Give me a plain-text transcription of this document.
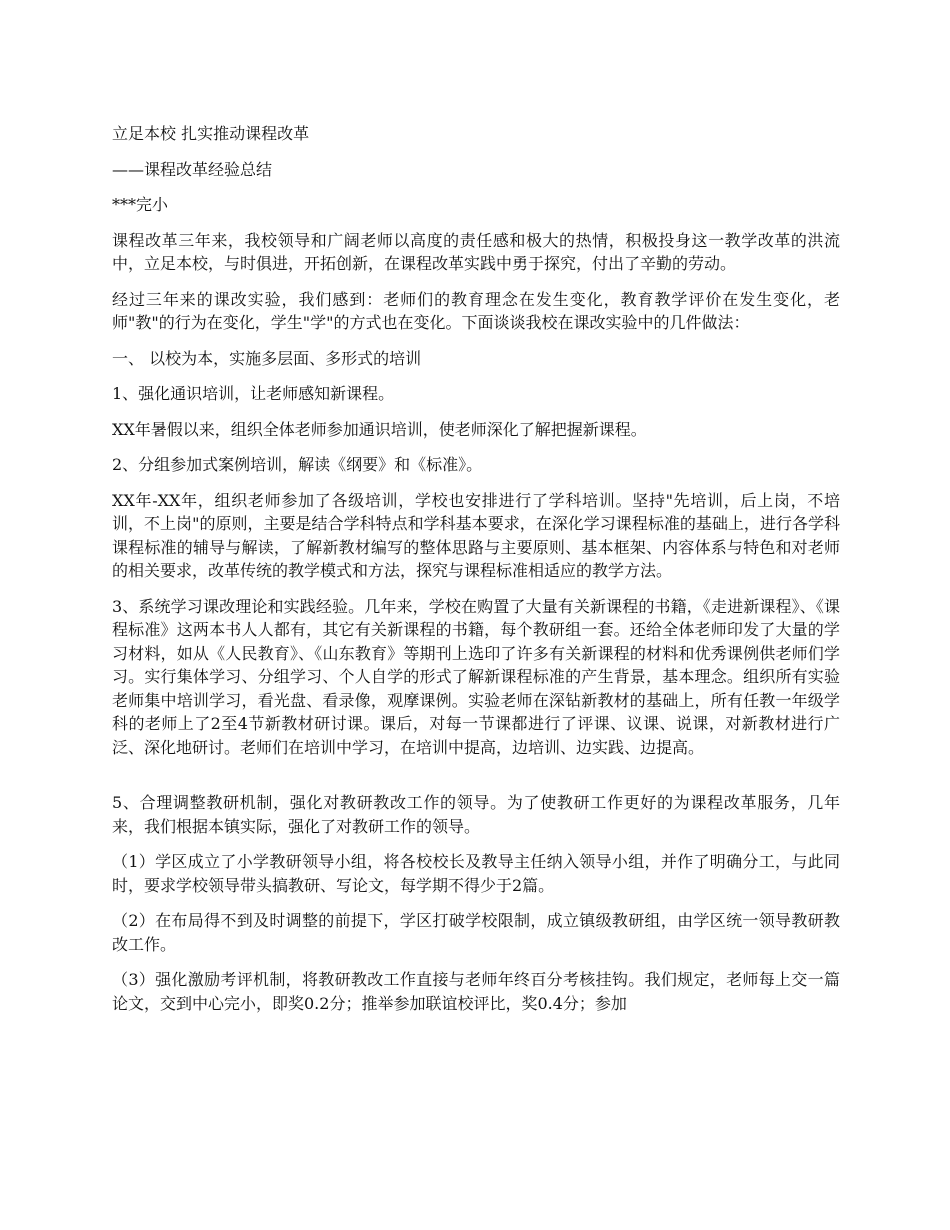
立足本校 扎实推动课程改革

——课程改革经验总结

***完小

课程改革三年来，我校领导和广阔老师以高度的责任感和极大的热情，积极投身这一教学改革的洪流中，立足本校，与时俱进，开拓创新，在课程改革实践中勇于探究，付出了辛勤的劳动。

经过三年来的课改实验，我们感到：老师们的教育理念在发生变化，教育教学评价在发生变化，老师"教"的行为在变化，学生"学"的方式也在变化。下面谈谈我校在课改实验中的几件做法：

一、 以校为本，实施多层面、多形式的培训

1、强化通识培训，让老师感知新课程。

XX年暑假以来，组织全体老师参加通识培训，使老师深化了解把握新课程。

2、分组参加式案例培训，解读《纲要》和《标准》。

XX年-XX年，组织老师参加了各级培训，学校也安排进行了学科培训。坚持"先培训，后上岗，不培训，不上岗"的原则，主要是结合学科特点和学科基本要求，在深化学习课程标准的基础上，进行各学科课程标准的辅导与解读，了解新教材编写的整体思路与主要原则、基本框架、内容体系与特色和对老师的相关要求，改革传统的教学模式和方法，探究与课程标准相适应的教学方法。

3、系统学习课改理论和实践经验。几年来，学校在购置了大量有关新课程的书籍，《走进新课程》、《课程标准》这两本书人人都有，其它有关新课程的书籍，每个教研组一套。还给全体老师印发了大量的学习材料，如从《人民教育》、《山东教育》等期刊上选印了许多有关新课程的材料和优秀课例供老师们学习。实行集体学习、分组学习、个人自学的形式了解新课程标准的产生背景，基本理念。组织所有实验老师集中培训学习，看光盘、看录像，观摩课例。实验老师在深钻新教材的基础上，所有任教一年级学科的老师上了2至4节新教材研讨课。课后，对每一节课都进行了评课、议课、说课，对新教材进行广泛、深化地研讨。老师们在培训中学习，在培训中提高，边培训、边实践、边提高。

5、合理调整教研机制，强化对教研教改工作的领导。为了使教研工作更好的为课程改革服务，几年来，我们根据本镇实际，强化了对教研工作的领导。

（1）学区成立了小学教研领导小组，将各校校长及教导主任纳入领导小组，并作了明确分工，与此同时，要求学校领导带头搞教研、写论文，每学期不得少于2篇。

（2）在布局得不到及时调整的前提下，学区打破学校限制，成立镇级教研组，由学区统一领导教研教改工作。

（3）强化激励考评机制，将教研教改工作直接与老师年终百分考核挂钩。我们规定，老师每上交一篇论文，交到中心完小，即奖0.2分；推举参加联谊校评比，奖0.4分；参加
